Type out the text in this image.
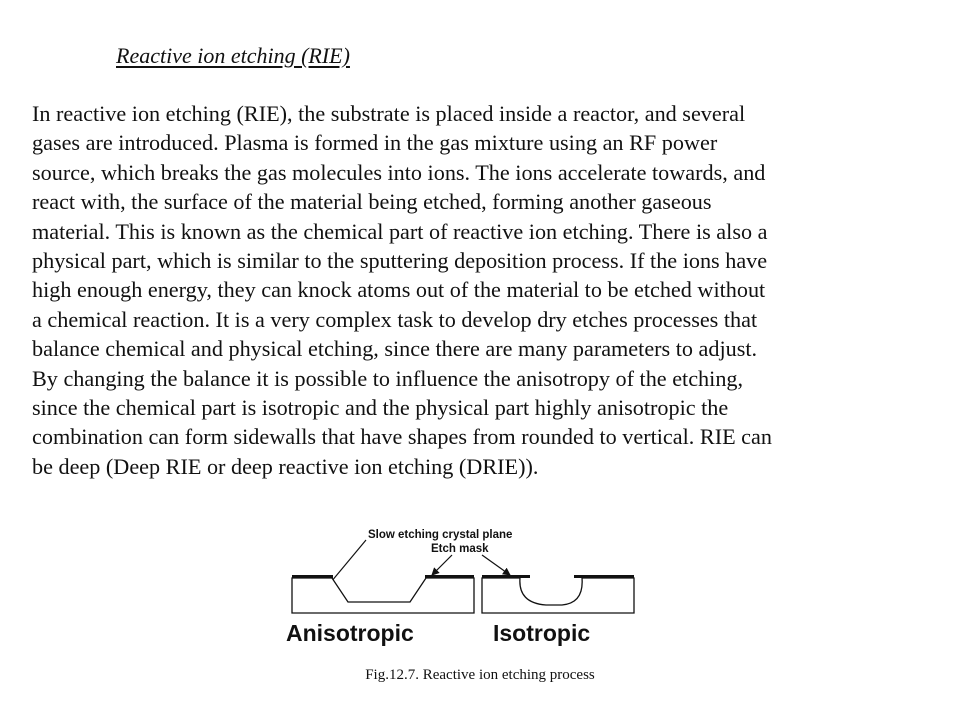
Reactive ion etching (RIE)

In reactive ion etching (RIE), the substrate is placed inside a reactor, and several
gases are introduced. Plasma is formed in the gas mixture using an RF power
source, which breaks the gas molecules into ions. The ions accelerate towards, and
react with, the surface of the material being etched, forming another gaseous
material. This is known as the chemical part of reactive ion etching. There is also a
physical part, which is similar to the sputtering deposition process. If the ions have
high enough energy, they can knock atoms out of the material to be etched without
a chemical reaction. It is a very complex task to develop dry etches processes that
balance chemical and physical etching, since there are many parameters to adjust.
By changing the balance it is possible to influence the anisotropy of the etching,
since the chemical part is isotropic and the physical part highly anisotropic the
combination can form sidewalls that have shapes from rounded to vertical. RIE can
be deep (Deep RIE or deep reactive ion etching (DRIE)).

Slow etching crystal plane
Etch mask
Anisotropic	Isotropic

Fig.12.7. Reactive ion etching process
